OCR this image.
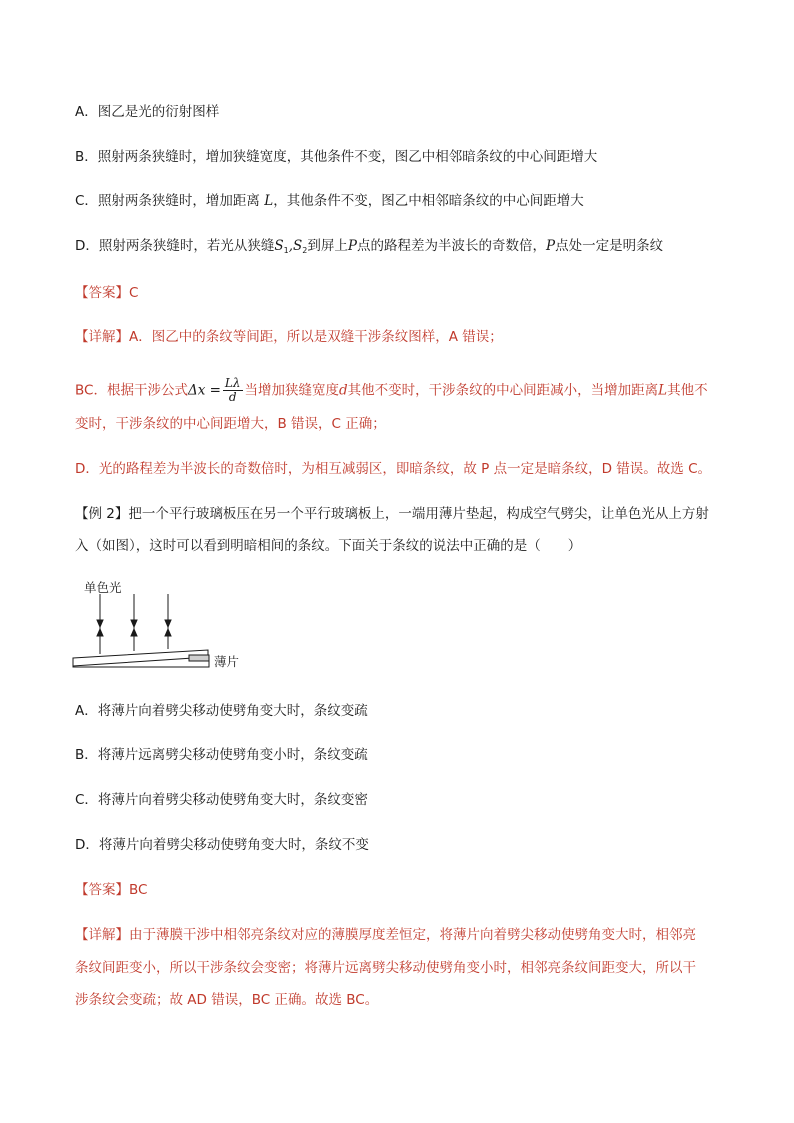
A．图乙是光的衍射图样
B．照射两条狭缝时，增加狭缝宽度，其他条件不变，图乙中相邻暗条纹的中心间距增大
C．照射两条狭缝时，增加距离 L，其他条件不变，图乙中相邻暗条纹的中心间距增大
D．照射两条狭缝时，若光从狭缝$S_1,S_2$到屏上P点的路程差为半波长的奇数倍，P点处一定是明条纹
【答案】C
【详解】A．图乙中的条纹等间距，所以是双缝干涉条纹图样，A 错误；
BC．根据干涉公式$\Delta x = \frac{L\lambda}{d}$ 当增加狭缝宽度d其他不变时，干涉条纹的中心间距减小，当增加距离L其他不
变时，干涉条纹的中心间距增大，B 错误，C 正确；
D．光的路程差为半波长的奇数倍时，为相互减弱区，即暗条纹，故 P 点一定是暗条纹，D 错误。故选 C。
【例 2】把一个平行玻璃板压在另一个平行玻璃板上，一端用薄片垫起，构成空气劈尖，让单色光从上方射
入（如图），这时可以看到明暗相间的条纹。下面关于条纹的说法中正确的是（　　）
单色光
薄片
A．将薄片向着劈尖移动使劈角变大时，条纹变疏
B．将薄片远离劈尖移动使劈角变小时，条纹变疏
C．将薄片向着劈尖移动使劈角变大时，条纹变密
D．将薄片向着劈尖移动使劈角变大时，条纹不变
【答案】BC
【详解】由于薄膜干涉中相邻亮条纹对应的薄膜厚度差恒定，将薄片向着劈尖移动使劈角变大时，相邻亮
条纹间距变小，所以干涉条纹会变密；将薄片远离劈尖移动使劈角变小时，相邻亮条纹间距变大，所以干
涉条纹会变疏；故 AD 错误，BC 正确。故选 BC。
